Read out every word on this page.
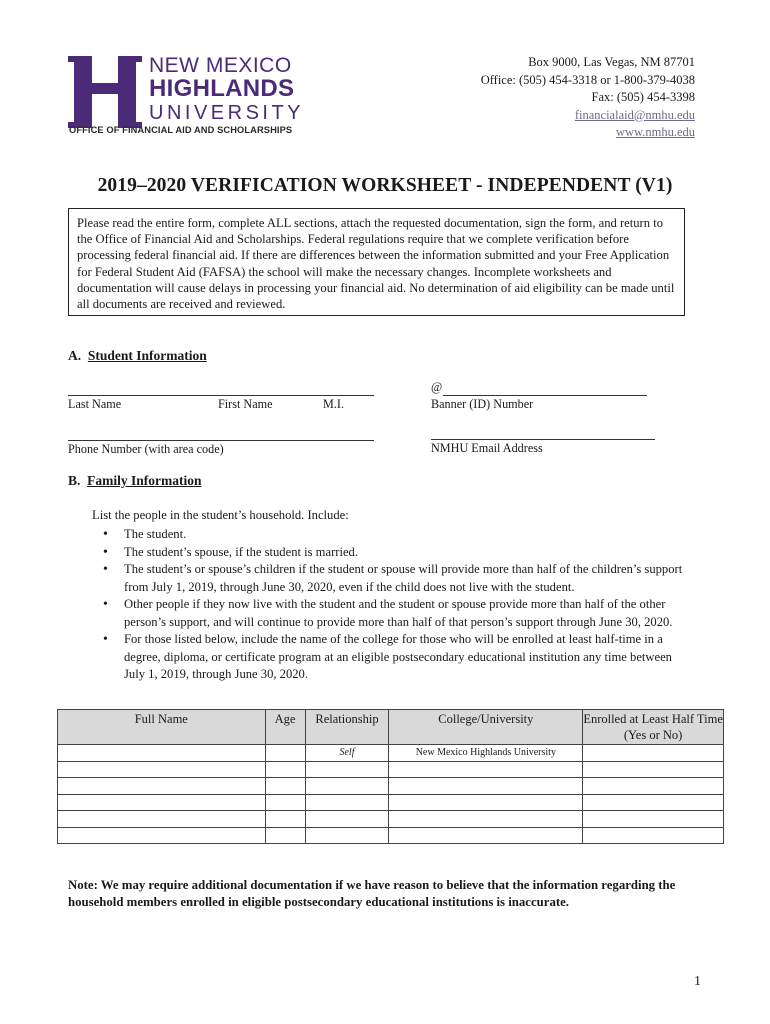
NEW MEXICO
HIGHLANDS
UNIVERSITY
OFFICE OF FINANCIAL AID AND SCHOLARSHIPS
Box 9000, Las Vegas, NM 87701
Office: (505) 454-3318 or 1-800-379-4038
Fax: (505) 454-3398
financialaid@nmhu.edu
www.nmhu.edu
2019–2020 VERIFICATION WORKSHEET - INDEPENDENT (V1)
Please read the entire form, complete ALL sections, attach the requested documentation, sign the form, and return to the Office of Financial Aid and Scholarships. Federal regulations require that we complete verification before processing federal financial aid. If there are differences between the information submitted and your Free Application for Federal Student Aid (FAFSA) the school will make the necessary changes. Incomplete worksheets and documentation will cause delays in processing your financial aid. No determination of aid eligibility can be made until all documents are received and reviewed.
A. Student Information
Last Name	First Name	M.I.
@
Banner (ID) Number
Phone Number (with area code)	NMHU Email Address
B. Family Information
List the people in the student’s household. Include:
• The student.
• The student’s spouse, if the student is married.
• The student’s or spouse’s children if the student or spouse will provide more than half of the children’s support from July 1, 2019, through June 30, 2020, even if the child does not live with the student.
• Other people if they now live with the student and the student or spouse provide more than half of the other person’s support, and will continue to provide more than half of that person’s support through June 30, 2020.
• For those listed below, include the name of the college for those who will be enrolled at least half-time in a degree, diploma, or certificate program at an eligible postsecondary educational institution any time between July 1, 2019, through June 30, 2020.
Full Name	Age	Relationship	College/University	Enrolled at Least Half Time (Yes or No)
		Self	New Mexico Highlands University	

Note: We may require additional documentation if we have reason to believe that the information regarding the household members enrolled in eligible postsecondary educational institutions is inaccurate.
1
